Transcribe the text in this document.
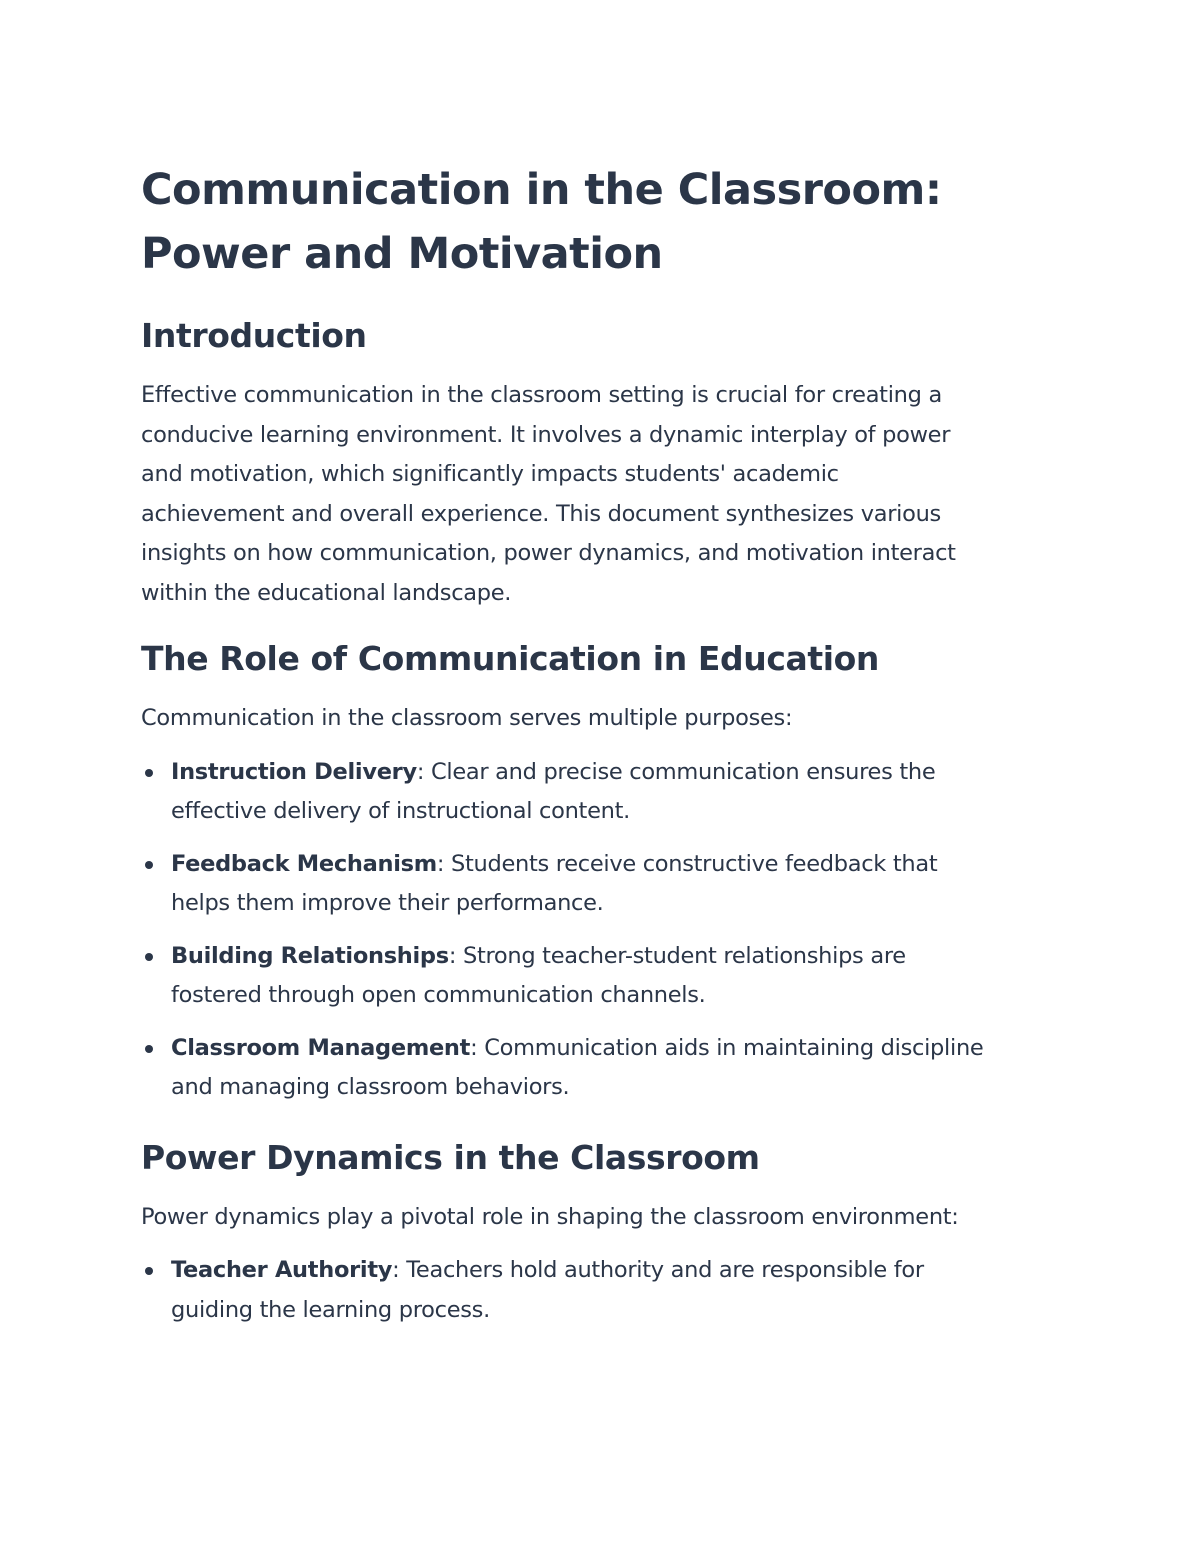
Communication in the Classroom:
Power and Motivation
Introduction

Effective communication in the classroom setting is crucial for creating a
conducive learning environment. It involves a dynamic interplay of power
and motivation, which significantly impacts students' academic
achievement and overall experience. This document synthesizes various
insights on how communication, power dynamics, and motivation interact
within the educational landscape.

The Role of Communication in Education

Communication in the classroom serves multiple purposes:

Instruction Delivery: Clear and precise communication ensures the
effective delivery of instructional content.
Feedback Mechanism: Students receive constructive feedback that
helps them improve their performance.
Building Relationships: Strong teacher-student relationships are
fostered through open communication channels.
Classroom Management: Communication aids in maintaining discipline
and managing classroom behaviors.
Power Dynamics in the Classroom

Power dynamics play a pivotal role in shaping the classroom environment:

Teacher Authority: Teachers hold authority and are responsible for
guiding the learning process.
